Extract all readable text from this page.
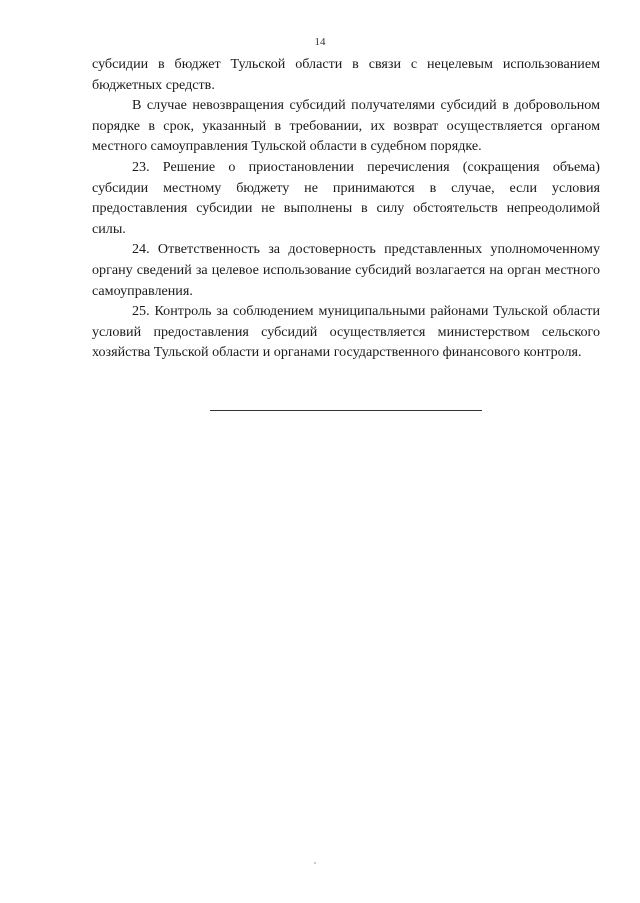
14

субсидии в бюджет Тульской области в связи с нецелевым использованием бюджетных средств.

В случае невозвращения субсидий получателями субсидий в добровольном порядке в срок, указанный в требовании, их возврат осуществляется органом местного самоуправления Тульской области в судебном порядке.

23. Решение о приостановлении перечисления (сокращения объема) субсидии местному бюджету не принимаются в случае, если условия предоставления субсидии не выполнены в силу обстоятельств непреодолимой силы.

24. Ответственность за достоверность представленных уполномоченному органу сведений за целевое использование субсидий возлагается на орган местного самоуправления.

25. Контроль за соблюдением муниципальными районами Тульской области условий предоставления субсидий осуществляется министерством сельского хозяйства Тульской области и органами государственного финансового контроля.
